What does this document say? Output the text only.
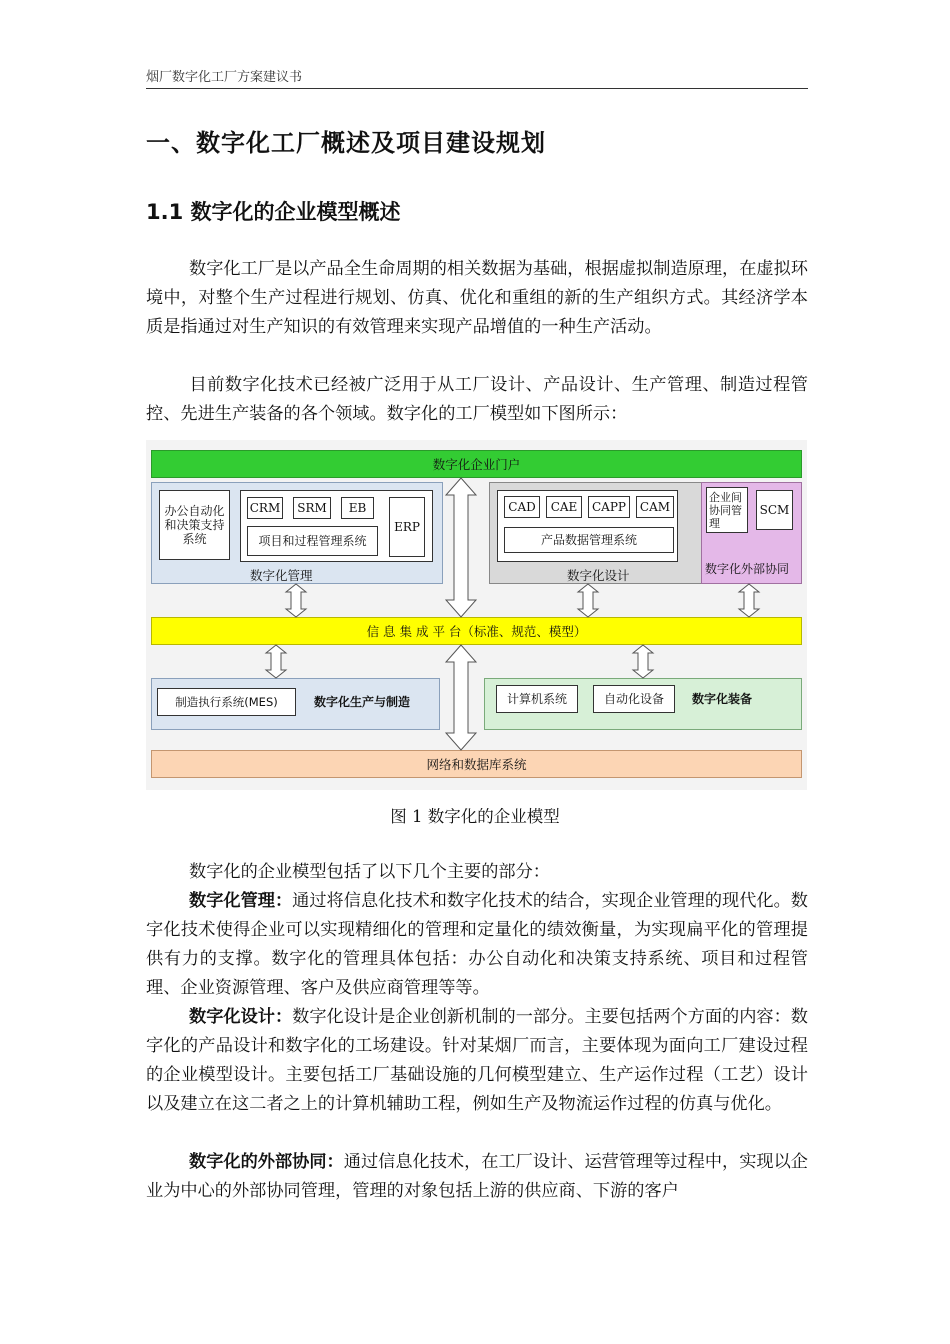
烟厂数字化工厂方案建议书
一、数字化工厂概述及项目建设规划
1.1 数字化的企业模型概述

数字化工厂是以产品全生命周期的相关数据为基础，根据虚拟制造原理，在虚拟环境中，对整个生产过程进行规划、仿真、优化和重组的新的生产组织方式。其经济学本质是指通过对生产知识的有效管理来实现产品增值的一种生产活动。

目前数字化技术已经被广泛用于从工厂设计、产品设计、生产管理、制造过程管控、先进生产装备的各个领域。数字化的工厂模型如下图所示：

数字化企业门户
办公自动化和决策支持系统
CRM SRM EB
ERP
项目和过程管理系统
数字化管理
CAD CAE CAPP CAM
产品数据管理系统
数字化设计
企业间协同管理
SCM
数字化外部协同
信 息 集 成 平 台（标准、规范、模型）
制造执行系统(MES)	数字化生产与制造	计算机系统	自动化设备 数字化装备
网络和数据库系统
图 1 数字化的企业模型

数字化的企业模型包括了以下几个主要的部分：

数字化管理：通过将信息化技术和数字化技术的结合，实现企业管理的现代化。数字化技术使得企业可以实现精细化的管理和定量化的绩效衡量，为实现扁平化的管理提供有力的支撑。数字化的管理具体包括：办公自动化和决策支持系统、项目和过程管理、企业资源管理、客户及供应商管理等等。

数字化设计：数字化设计是企业创新机制的一部分。主要包括两个方面的内容：数字化的产品设计和数字化的工场建设。针对某烟厂而言，主要体现为面向工厂建设过程的企业模型设计。主要包括工厂基础设施的几何模型建立、生产运作过程（工艺）设计以及建立在这二者之上的计算机辅助工程，例如生产及物流运作过程的仿真与优化。

数字化的外部协同：通过信息化技术，在工厂设计、运营管理等过程中，实现以企业为中心的外部协同管理，管理的对象包括上游的供应商、下游的客户
